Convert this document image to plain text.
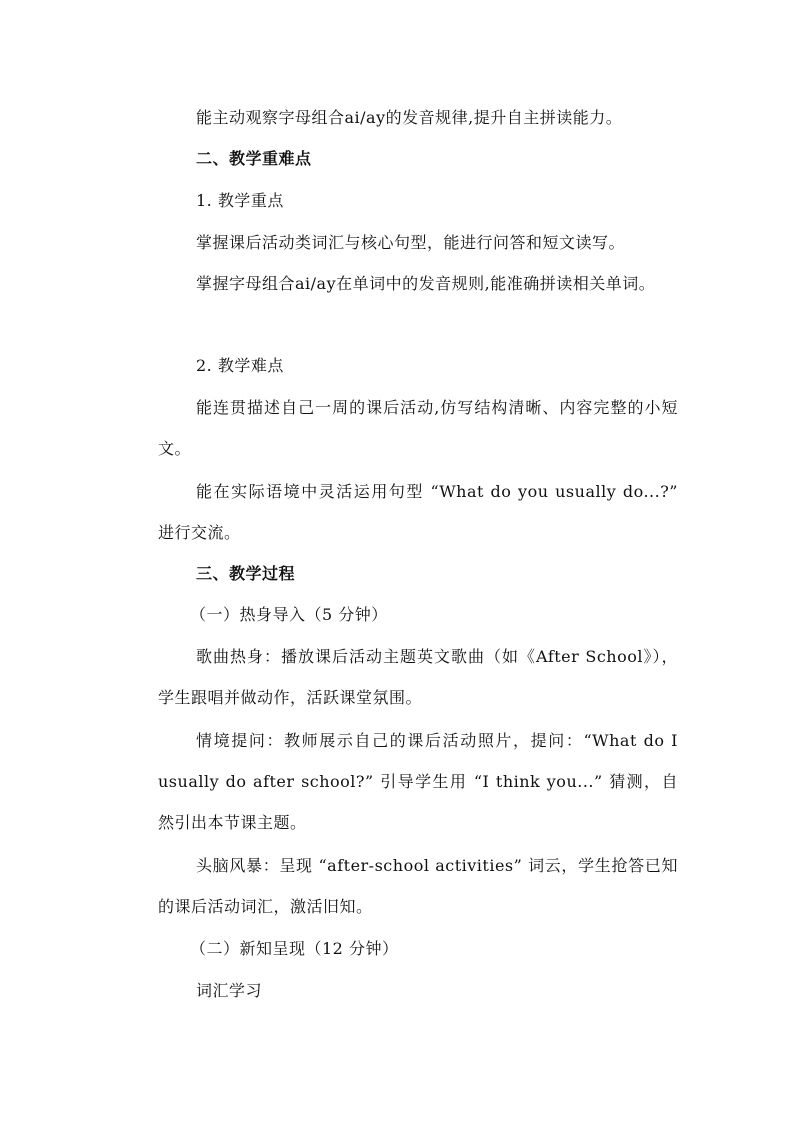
能主动观察字母组合ai/ay的发音规律,提升自主拼读能力。
二、教学重难点
1. 教学重点
掌握课后活动类词汇与核心句型，能进行问答和短文读写。
掌握字母组合ai/ay在单词中的发音规则,能准确拼读相关单词。
2. 教学难点
能连贯描述自己一周的课后活动,仿写结构清晰、内容完整的小短文。
能在实际语境中灵活运用句型 “What do you usually do...?” 进行交流。
三、教学过程
（一）热身导入（5 分钟）
歌曲热身：播放课后活动主题英文歌曲（如《After School》），学生跟唱并做动作，活跃课堂氛围。
情境提问：教师展示自己的课后活动照片，提问：“What do I usually do after school?” 引导学生用 “I think you...” 猜测，自然引出本节课主题。
头脑风暴：呈现 “after-school activities” 词云，学生抢答已知的课后活动词汇，激活旧知。
（二）新知呈现（12 分钟）
词汇学习
